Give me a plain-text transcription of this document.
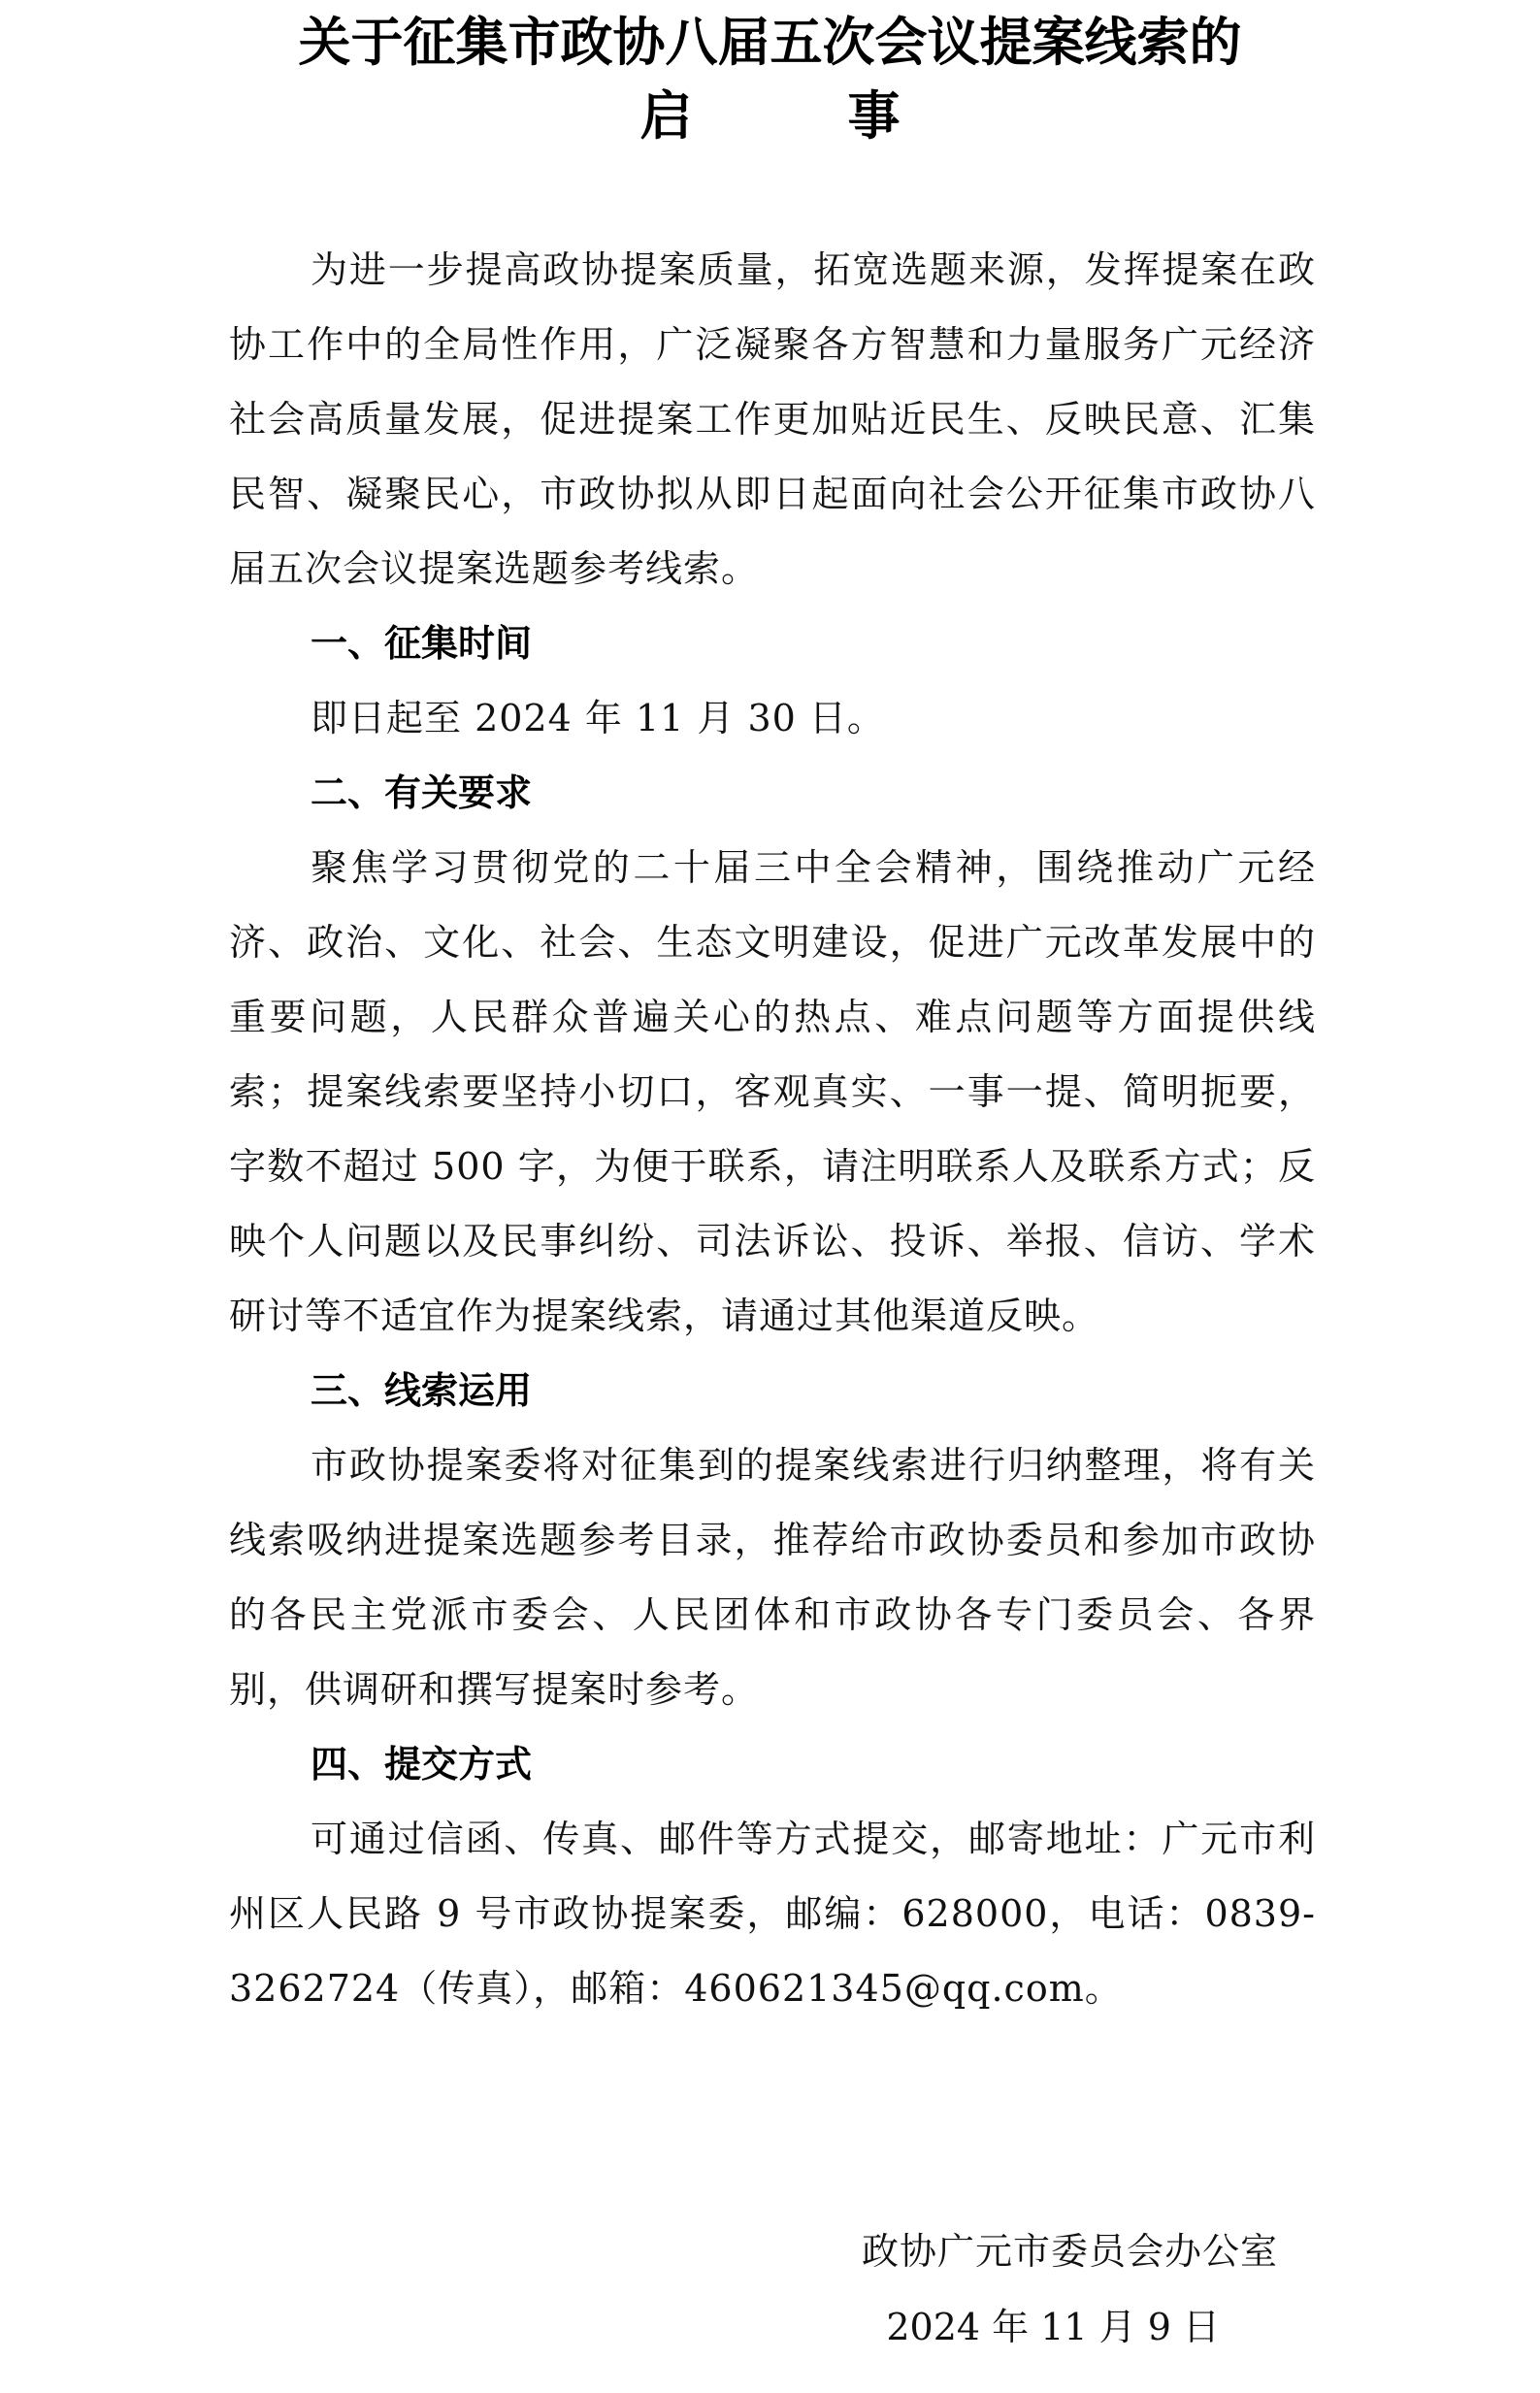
关于征集市政协八届五次会议提案线索的
启事

为进一步提高政协提案质量，拓宽选题来源，发挥提案在政协工作中的全局性作用，广泛凝聚各方智慧和力量服务广元经济社会高质量发展，促进提案工作更加贴近民生、反映民意、汇集民智、凝聚民心，市政协拟从即日起面向社会公开征集市政协八届五次会议提案选题参考线索。

一、征集时间

即日起至 2024 年 11 月 30 日。

二、有关要求

聚焦学习贯彻党的二十届三中全会精神，围绕推动广元经济、政治、文化、社会、生态文明建设，促进广元改革发展中的重要问题，人民群众普遍关心的热点、难点问题等方面提供线索；提案线索要坚持小切口，客观真实、一事一提、简明扼要，字数不超过 500 字，为便于联系，请注明联系人及联系方式；反映个人问题以及民事纠纷、司法诉讼、投诉、举报、信访、学术研讨等不适宜作为提案线索，请通过其他渠道反映。

三、线索运用

市政协提案委将对征集到的提案线索进行归纳整理，将有关线索吸纳进提案选题参考目录，推荐给市政协委员和参加市政协的各民主党派市委会、人民团体和市政协各专门委员会、各界别，供调研和撰写提案时参考。

四、提交方式

可通过信函、传真、邮件等方式提交，邮寄地址：广元市利州区人民路 9 号市政协提案委，邮编：628000，电话：0839-3262724（传真），邮箱：460621345@qq.com。

政协广元市委员会办公室
2024 年 11 月 9 日
